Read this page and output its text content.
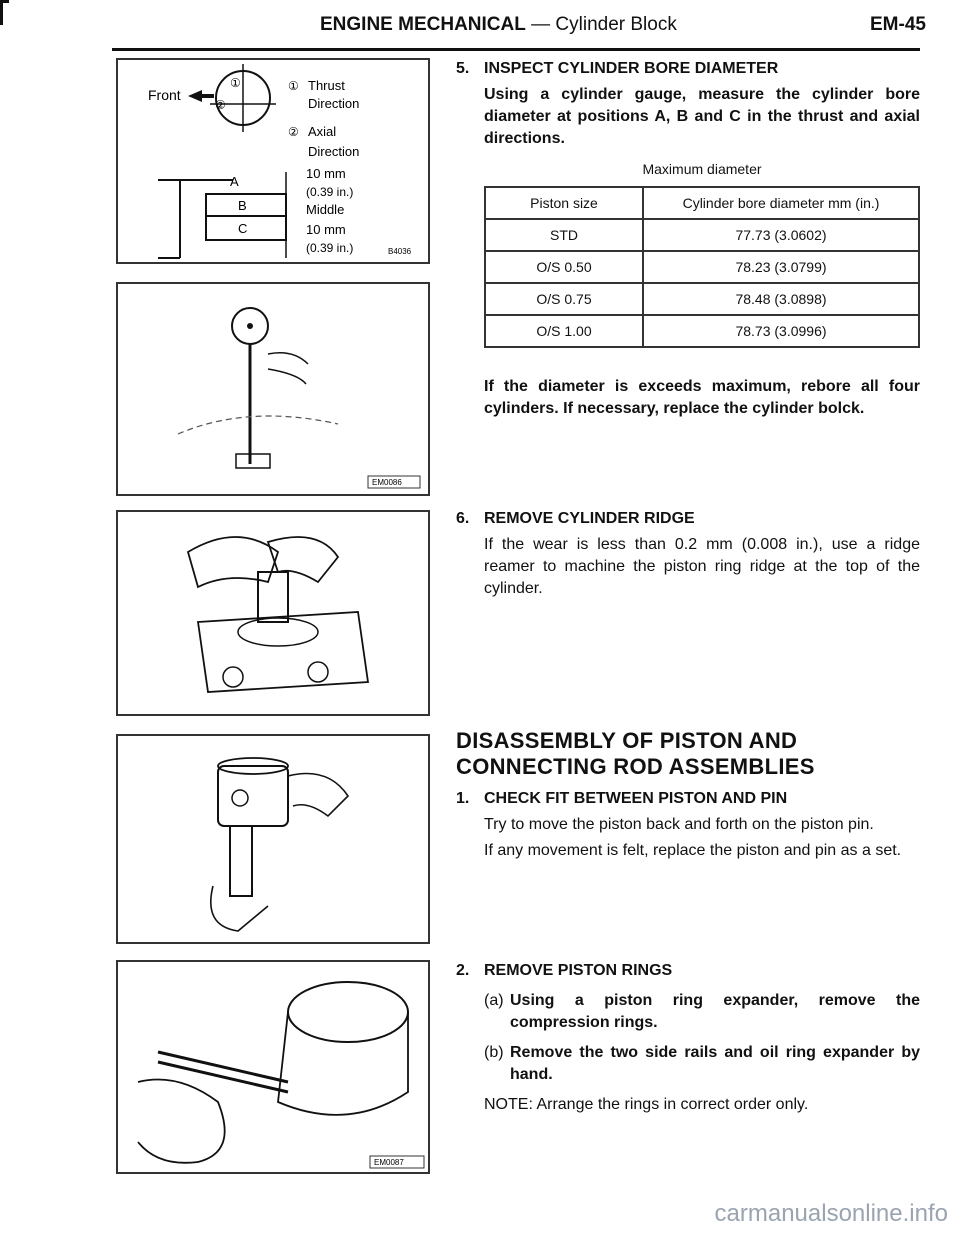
ENGINE MECHANICAL — Cylinder Block	EM-45
Front
①
②
① Thrust
Direction
② Axial
Direction
A
B
C
10 mm
(0.39 in.)
Middle
10 mm
(0.39 in.)	B4036
EM0086
EM0087
5. INSPECT CYLINDER BORE DIAMETER
Using a cylinder gauge, measure the cylinder bore diameter at positions A, B and C in the thrust and axial directions.
Maximum diameter
Piston size	Cylinder bore diameter mm (in.)
STD	77.73 (3.0602)
O/S 0.50	78.23 (3.0799)
O/S 0.75	78.48 (3.0898)
O/S 1.00	78.73 (3.0996)
If the diameter is exceeds maximum, rebore all four cylinders. If necessary, replace the cylinder bolck.
6. REMOVE CYLINDER RIDGE
If the wear is less than 0.2 mm (0.008 in.), use a ridge reamer to machine the piston ring ridge at the top of the cylinder.
DISASSEMBLY OF PISTON AND
CONNECTING ROD ASSEMBLIES
1. CHECK FIT BETWEEN PISTON AND PIN
Try to move the piston back and forth on the piston pin.
If any movement is felt, replace the piston and pin as a set.
2. REMOVE PISTON RINGS
(a) Using a piston ring expander, remove the compression rings.
(b) Remove the two side rails and oil ring expander by hand.
NOTE: Arrange the rings in correct order only.
carmanualsonline.info
